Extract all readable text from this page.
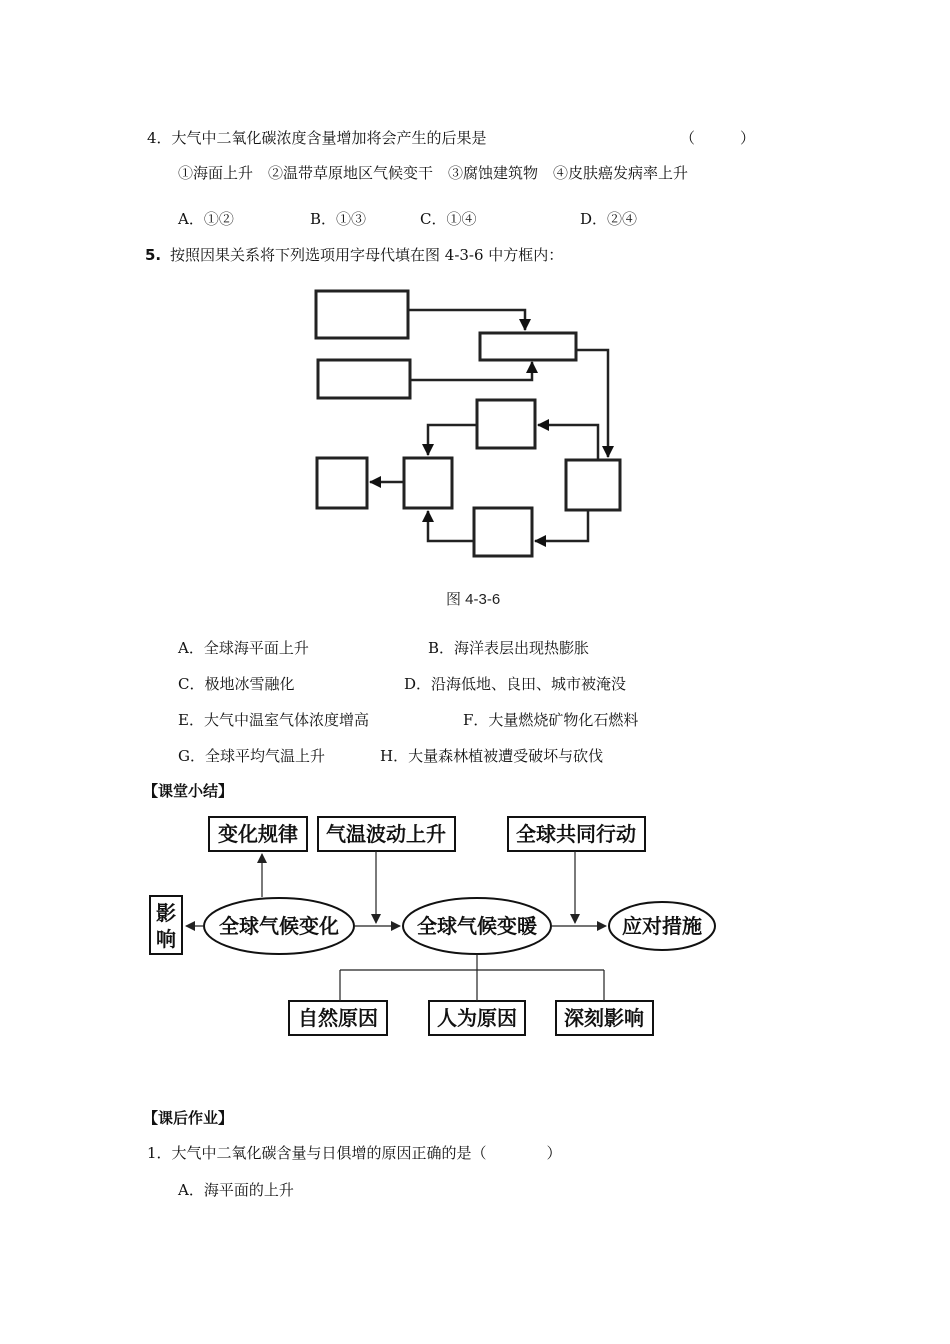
4．大气中二氧化碳浓度含量增加将会产生的后果是	（　　　）
①海面上升　②温带草原地区气候变干　③腐蚀建筑物　④皮肤癌发病率上升
A．①②	B．①③	C．①④	D．②④
5. 按照因果关系将下列选项用字母代填在图 4-3-6 中方框内：
图 4-3-6
变化规律 气温波动上升	全球共同行动
影
响
全球气候变化	全球气候变暖	应对措施
自然原因	人为原因 深刻影响
A．全球海平面上升	B．海洋表层出现热膨胀
C．极地冰雪融化	D．沿海低地、良田、城市被淹没
E．大气中温室气体浓度增高	F．大量燃烧矿物化石燃料
G．全球平均气温上升	H．大量森林植被遭受破坏与砍伐
【课堂小结】
【课后作业】
1．大气中二氧化碳含量与日俱增的原因正确的是（　　　　）
A．海平面的上升
